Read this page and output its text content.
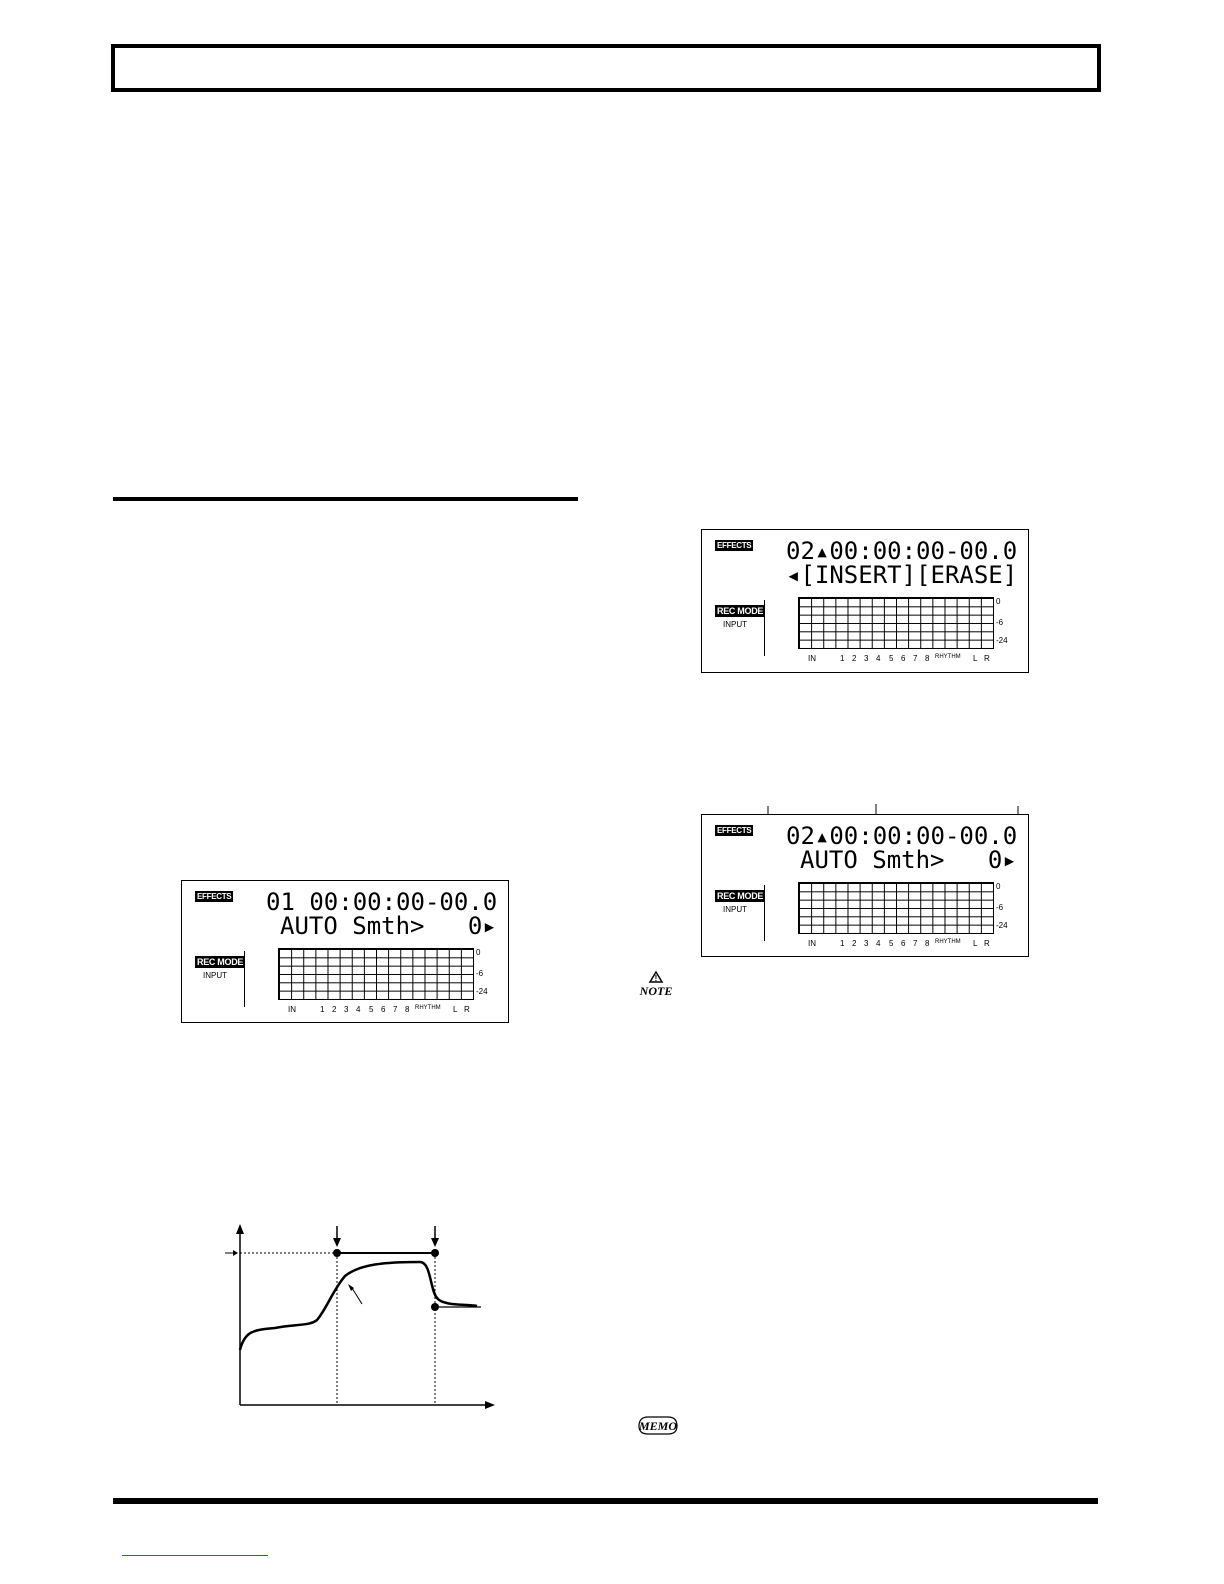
EFFECTS 01 00:00:00-00.0
AUTO Smth>   0▸
REC MODE
INPUT
0
-6
-24
IN	1 2 3 4 5 6 7 8 RHYTHM L R
EFFECTS 02▴00:00:00-00.0
◂[INSERT][ERASE]
REC MODE
INPUT
0
-6
-24
IN	1 2 3 4 5 6 7 8 RHYTHM L R
EFFECTS 02▴00:00:00-00.0
AUTO Smth>   0▸
REC MODE
INPUT
0
-6
-24
IN	1 2 3 4 5 6 7 8 RHYTHM L R
!
NOTE
MEMO
